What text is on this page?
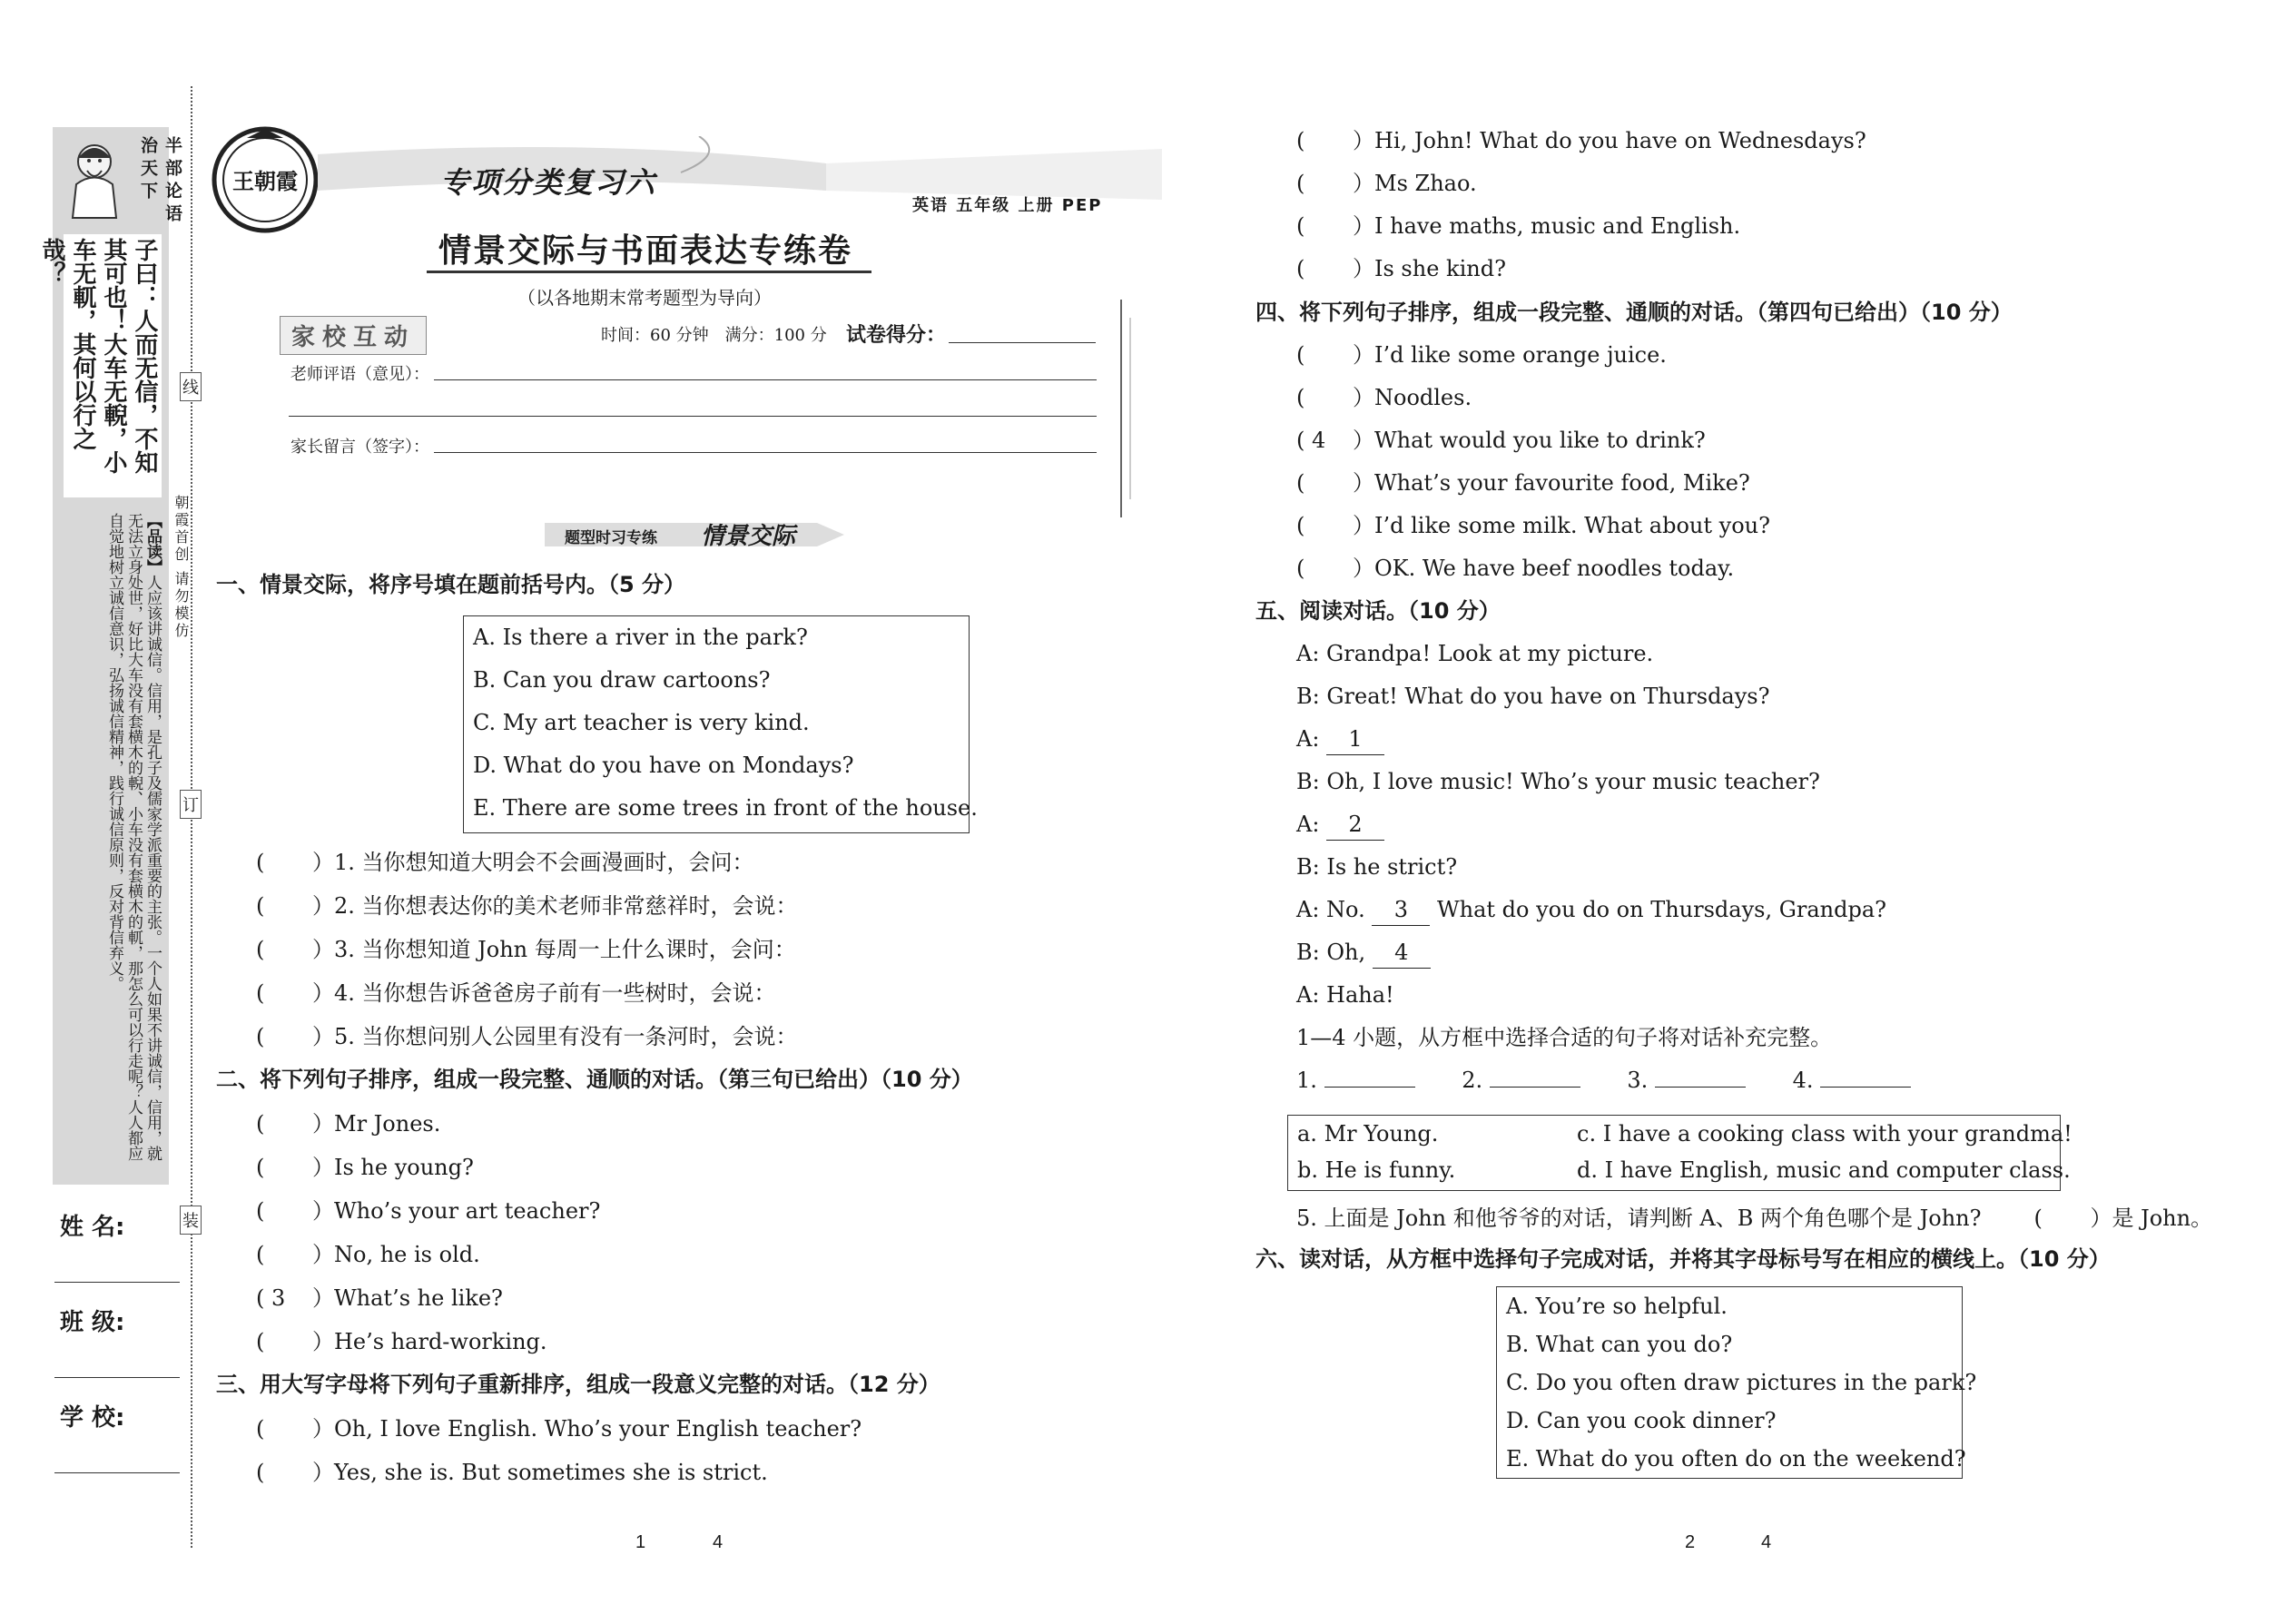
半部论语治天下
子曰：人而无信，不知其可也！大车无輗，小车无軏，其何以行之哉？
【品读】人应该讲诚信。信用，是孔子及儒家学派重要的主张。一个人如果不讲诚信，信用，就无法立身处世，好比大车没有套横木的輗、小车没有套横木的軏，那怎么可以行走呢？人人都应自觉地树立诚信意识，弘扬诚信精神，践行诚信原则，反对背信弃义。
姓 名:
班 级:
学 校:
线
订
装
朝霞首创 请勿模仿
王朝霞	专项分类复习六
英语 五年级 上册 PEP
情景交际与书面表达专练卷
（以各地期末常考题型为导向）
家校互动	时间：60 分钟　满分：100 分 试卷得分：
老师评语（意见）：
家长留言（签字）：
题型时习专练 情景交际
一、情景交际，将序号填在题前括号内。（5 分）
A. Is there a river in the park?
B. Can you draw cartoons?
C. My art teacher is very kind.
D. What do you have on Mondays?
E. There are some trees in front of the house.
( ）1. 当你想知道大明会不会画漫画时，会问：
( ）2. 当你想表达你的美术老师非常慈祥时，会说：
( ）3. 当你想知道 John 每周一上什么课时，会问：
( ）4. 当你想告诉爸爸房子前有一些树时，会说：
( ）5. 当你想问别人公园里有没有一条河时，会说：
二、将下列句子排序，组成一段完整、通顺的对话。（第三句已给出）（10 分）
(）Mr Jones.
(）Is he young?
(）Who’s your art teacher?
(）No, he is old.
( 3 ）What’s he like?
(）He’s hard-working.
三、用大写字母将下列句子重新排序，组成一段意义完整的对话。（12 分）
( ）Oh, I love English. Who’s your English teacher?
( ）Yes, she is. But sometimes she is strict.
1	4
( ）Hi, John! What do you have on Wednesdays?
( ）Ms Zhao.
( ）I have maths, music and English.
( ）Is she kind?
四、将下列句子排序，组成一段完整、通顺的对话。（第四句已给出）（10 分）
(）I’d like some orange juice.
(）Noodles.
( 4 ）What would you like to drink?
(）What’s your favourite food, Mike?
(）I’d like some milk. What about you?
(）OK. We have beef noodles today.
五、阅读对话。（10 分）
A: Grandpa! Look at my picture.
B: Great! What do you have on Thursdays?
A: 1
B: Oh, I love music! Who’s your music teacher?
A: 2
B: Is he strict?
A: No. 3 What do you do on Thursdays, Grandpa?
B: Oh, 4
A: Haha!
1—4 小题，从方框中选择合适的句子将对话补充完整。
1.	2.	3.	4.
a. Mr Young.	c. I have a cooking class with your grandma!
b. He is funny.	d. I have English, music and computer class.
5. 上面是 John 和他爷爷的对话，请判断 A、B 两个角色哪个是 John? ( ）是 John。
六、读对话，从方框中选择句子完成对话，并将其字母标号写在相应的横线上。（10 分）
A. You’re so helpful.
B. What can you do?
C. Do you often draw pictures in the park?
D. Can you cook dinner?
E. What do you often do on the weekend?
2	4
